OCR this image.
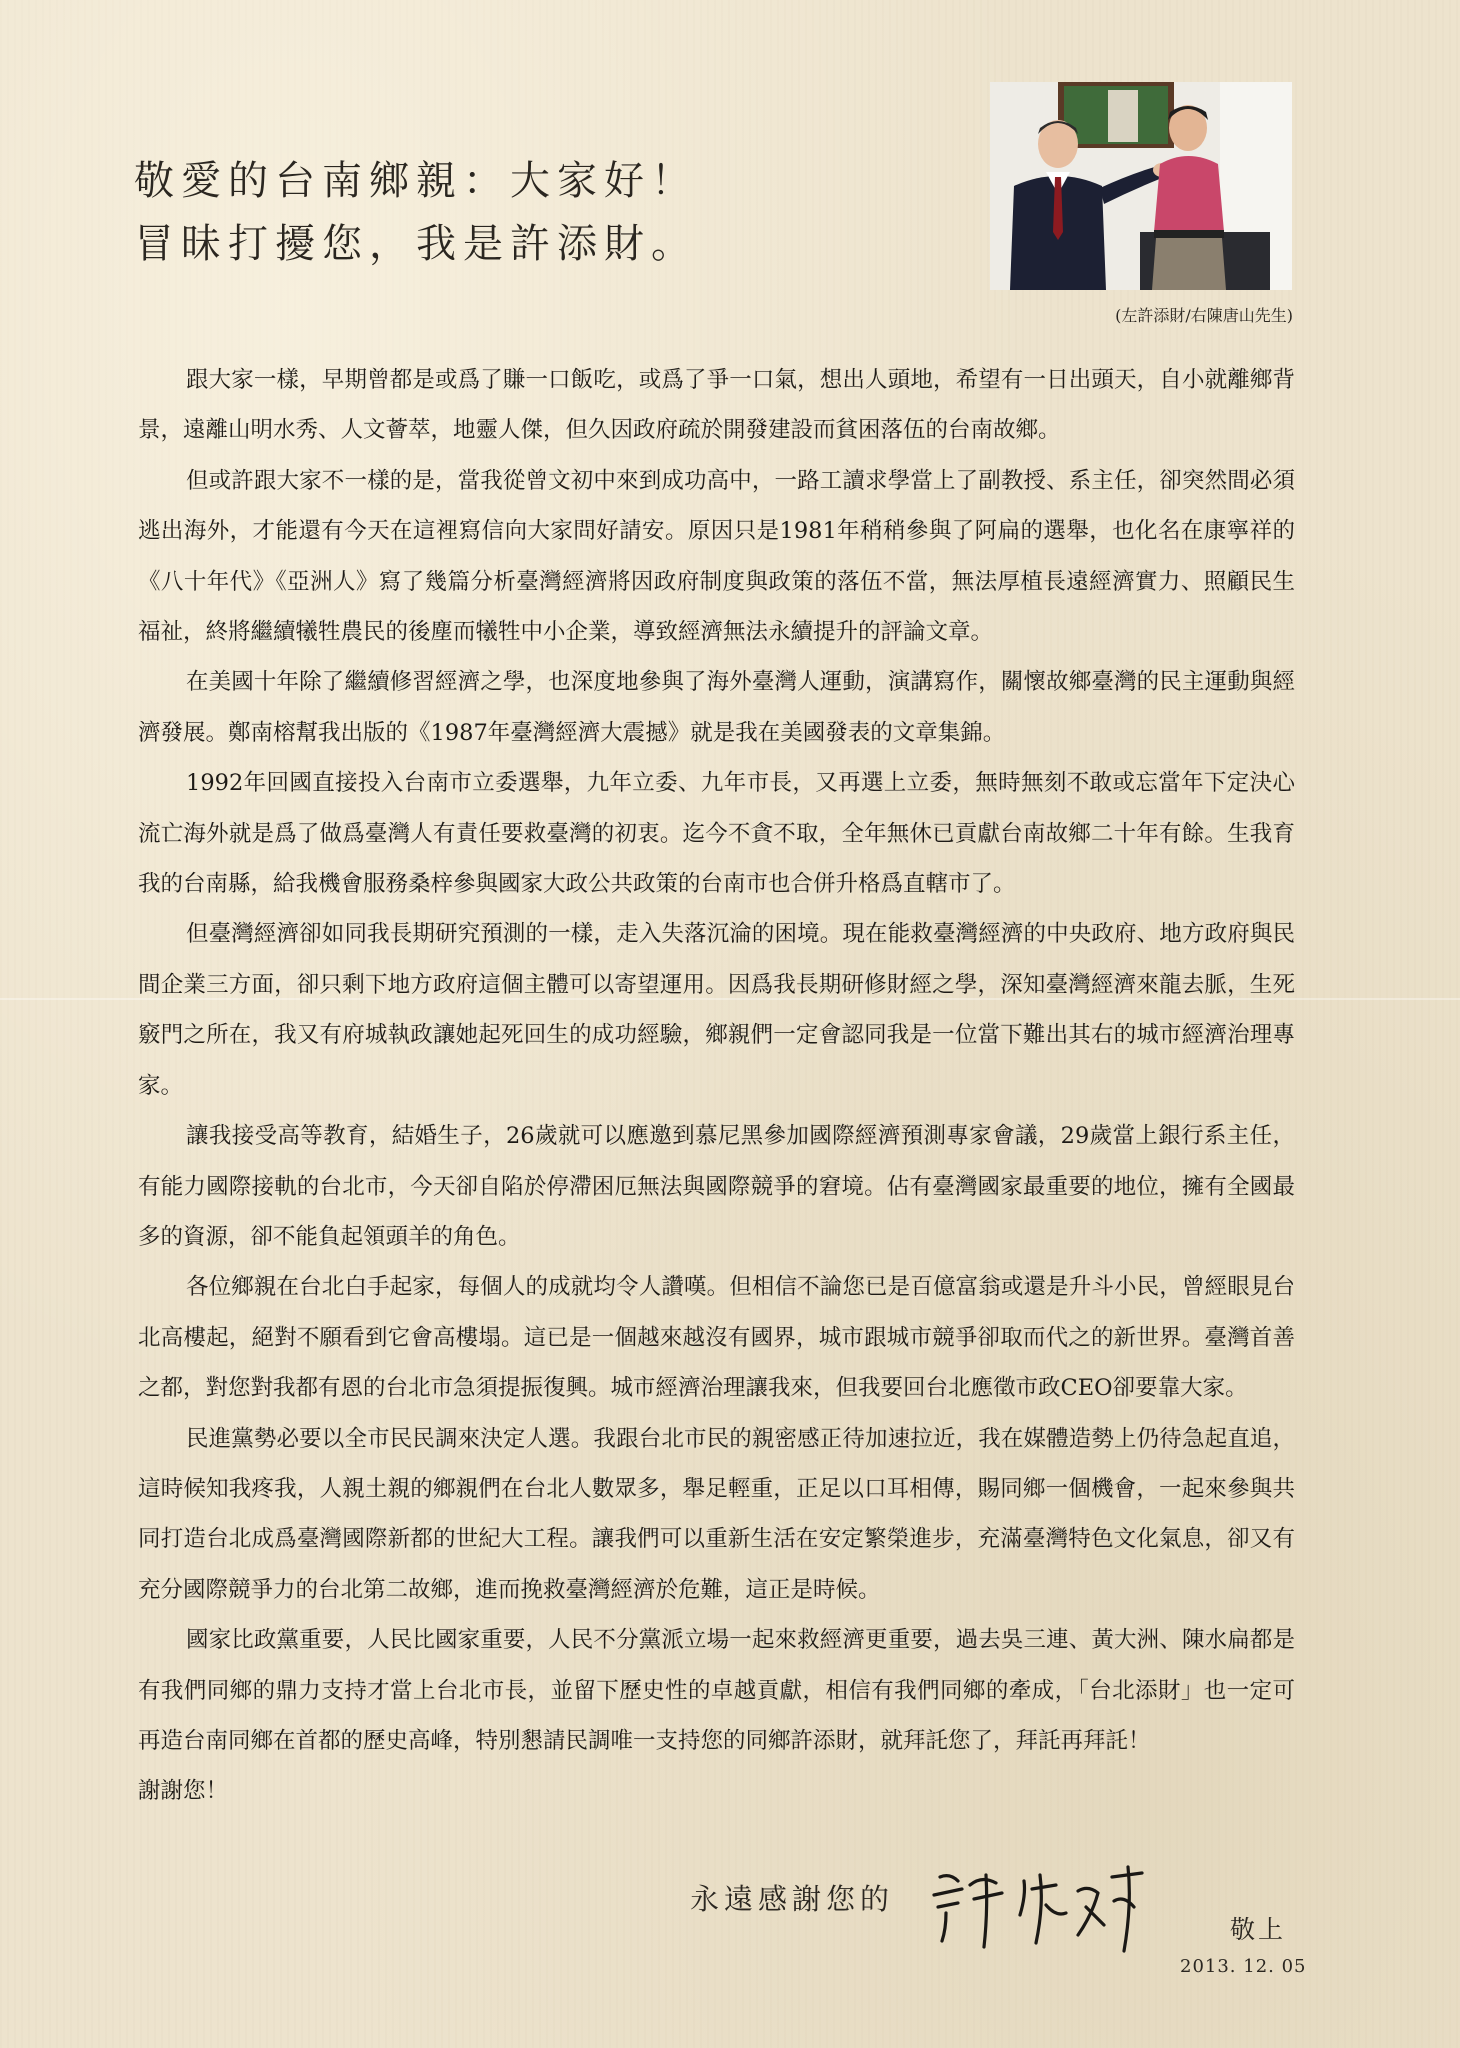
敬愛的台南鄉親：大家好！
冒昧打擾您，我是許添財。
(左許添財/右陳唐山先生)

跟大家一樣，早期曾都是或爲了賺一口飯吃，或爲了爭一口氣，想出人頭地，希望有一日出頭天，自小就離鄉背景，遠離山明水秀、人文薈萃，地靈人傑，但久因政府疏於開發建設而貧困落伍的台南故鄉。

但或許跟大家不一樣的是，當我從曾文初中來到成功高中，一路工讀求學當上了副教授、系主任，卻突然間必須逃出海外，才能還有今天在這裡寫信向大家問好請安。原因只是1981年稍稍參與了阿扁的選舉，也化名在康寧祥的《八十年代》《亞洲人》寫了幾篇分析臺灣經濟將因政府制度與政策的落伍不當，無法厚植長遠經濟實力、照顧民生福祉，終將繼續犧牲農民的後塵而犧牲中小企業，導致經濟無法永續提升的評論文章。

在美國十年除了繼續修習經濟之學，也深度地參與了海外臺灣人運動，演講寫作，關懷故鄉臺灣的民主運動與經濟發展。鄭南榕幫我出版的《1987年臺灣經濟大震撼》就是我在美國發表的文章集錦。

1992年回國直接投入台南市立委選舉，九年立委、九年市長，又再選上立委，無時無刻不敢或忘當年下定決心流亡海外就是爲了做爲臺灣人有責任要救臺灣的初衷。迄今不貪不取，全年無休已貢獻台南故鄉二十年有餘。生我育我的台南縣，給我機會服務桑梓參與國家大政公共政策的台南市也合併升格爲直轄市了。

但臺灣經濟卻如同我長期研究預測的一樣，走入失落沉淪的困境。現在能救臺灣經濟的中央政府、地方政府與民間企業三方面，卻只剩下地方政府這個主體可以寄望運用。因爲我長期研修財經之學，深知臺灣經濟來龍去脈，生死竅門之所在，我又有府城執政讓她起死回生的成功經驗，鄉親們一定會認同我是一位當下難出其右的城市經濟治理專家。

讓我接受高等教育，結婚生子，26歲就可以應邀到慕尼黑參加國際經濟預測專家會議，29歲當上銀行系主任，有能力國際接軌的台北市，今天卻自陷於停滯困厄無法與國際競爭的窘境。佔有臺灣國家最重要的地位，擁有全國最多的資源，卻不能負起領頭羊的角色。

各位鄉親在台北白手起家，每個人的成就均令人讚嘆。但相信不論您已是百億富翁或還是升斗小民，曾經眼見台北高樓起，絕對不願看到它會高樓塌。這已是一個越來越沒有國界，城市跟城市競爭卻取而代之的新世界。臺灣首善之都，對您對我都有恩的台北市急須提振復興。城市經濟治理讓我來，但我要回台北應徵市政CEO卻要靠大家。

民進黨勢必要以全市民民調來決定人選。我跟台北市民的親密感正待加速拉近，我在媒體造勢上仍待急起直追，這時候知我疼我，人親土親的鄉親們在台北人數眾多，舉足輕重，正足以口耳相傳，賜同鄉一個機會，一起來參與共同打造台北成爲臺灣國際新都的世紀大工程。讓我們可以重新生活在安定繁榮進步，充滿臺灣特色文化氣息，卻又有充分國際競爭力的台北第二故鄉，進而挽救臺灣經濟於危難，這正是時候。

國家比政黨重要，人民比國家重要，人民不分黨派立場一起來救經濟更重要，過去吳三連、黃大洲、陳水扁都是有我們同鄉的鼎力支持才當上台北市長，並留下歷史性的卓越貢獻，相信有我們同鄉的牽成，「台北添財」也一定可再造台南同鄉在首都的歷史高峰，特別懇請民調唯一支持您的同鄉許添財，就拜託您了，拜託再拜託！

謝謝您！

永遠感謝您的
敬上
2013. 12. 05
